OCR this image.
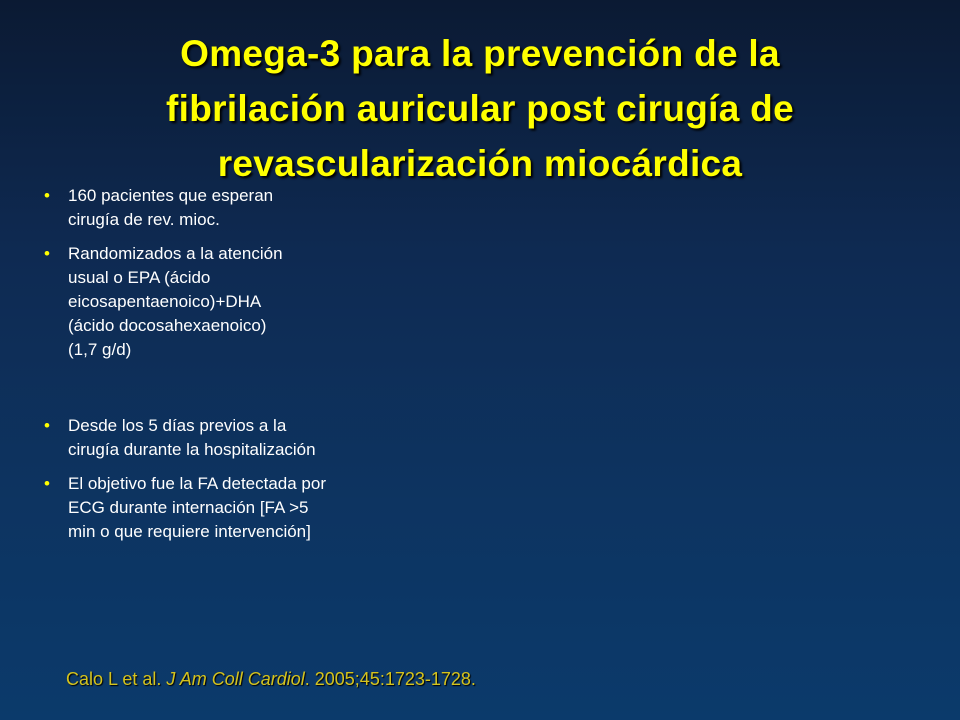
Omega-3 para la prevención de la
fibrilación auricular post cirugía de
revascularización miocárdica
• 160 pacientes que esperan
cirugía de rev. mioc.
• Randomizados a la atención
usual o EPA (ácido
eicosapentaenoico)+DHA
(ácido docosahexaenoico)
(1,7 g/d)
• Desde los 5 días previos a la
cirugía durante la hospitalización
• El objetivo fue la FA detectada por
ECG durante internación [FA >5
min o que requiere intervención]
Calo L et al. J Am Coll Cardiol. 2005;45:1723-1728.
